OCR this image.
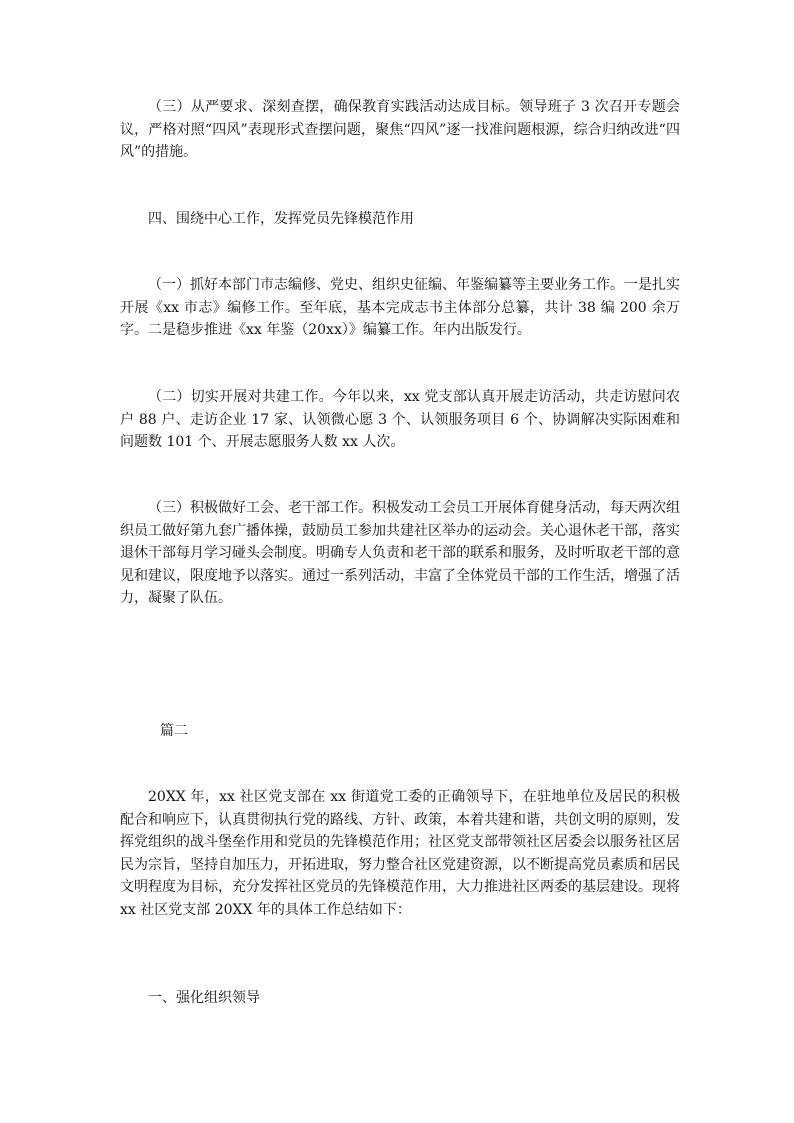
（三）从严要求、深刻查摆，确保教育实践活动达成目标。领导班子 3 次召开专题会议，严格对照“四风”表现形式查摆问题，聚焦“四风”逐一找准问题根源，综合归纳改进“四风”的措施。

四、围绕中心工作，发挥党员先锋模范作用

（一）抓好本部门市志编修、党史、组织史征编、年鉴编纂等主要业务工作。一是扎实开展《xx 市志》编修工作。至年底，基本完成志书主体部分总纂，共计 38 编 200 余万字。二是稳步推进《xx 年鉴（20xx）》编纂工作。年内出版发行。

（二）切实开展对共建工作。今年以来，xx 党支部认真开展走访活动，共走访慰问农户 88 户、走访企业 17 家、认领微心愿 3 个、认领服务项目 6 个、协调解决实际困难和问题数 101 个、开展志愿服务人数 xx 人次。

（三）积极做好工会、老干部工作。积极发动工会员工开展体育健身活动，每天两次组织员工做好第九套广播体操，鼓励员工参加共建社区举办的运动会。关心退休老干部，落实退休干部每月学习碰头会制度。明确专人负责和老干部的联系和服务，及时听取老干部的意见和建议，限度地予以落实。通过一系列活动，丰富了全体党员干部的工作生活，增强了活力，凝聚了队伍。

篇二

20XX 年，xx 社区党支部在 xx 街道党工委的正确领导下，在驻地单位及居民的积极配合和响应下，认真贯彻执行党的路线、方针、政策，本着共建和谐，共创文明的原则，发挥党组织的战斗堡垒作用和党员的先锋模范作用；社区党支部带领社区居委会以服务社区居民为宗旨，坚持自加压力，开拓进取，努力整合社区党建资源，以不断提高党员素质和居民文明程度为目标，充分发挥社区党员的先锋模范作用，大力推进社区两委的基层建设。现将 xx 社区党支部 20XX 年的具体工作总结如下：

一、强化组织领导
